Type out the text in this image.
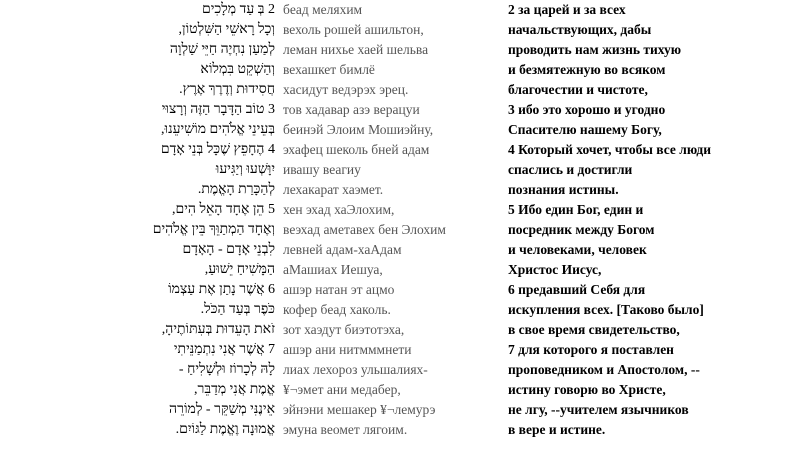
2 בְּ עַד מְלָכִים бeaд мeляхим	2 за царей и за всех
וְכָל רָאשֵׁי הַשִּׁלְטוֹן, вехоль рошей ашильтон,	начальствующих, дабы
לְמַעַן נִחְיֶה חַיֵּי שַׁלְוָה леман нихье хаей шельва	проводить нам жизнь тихую
וְהַשְׁקֵט בִּמְלוֹא вехашкет бимлё	и безмятежную во всяком
חֲסִידוּת וְדֶרֶךְ אֶרֶץ. хасидут ведэрэх эрец.	благочестии и чистоте,
3 טוֹב הַדָּבָר הַזֶּה וְרָצוּי тов хадавар азэ верацуи	3 ибо это хорошо и угодно
בְּעֵינֵי אֱלֹהִים מוֹשִׁיעֵנוּ, бeинэй Элоим Мошиэйну,	Спасителю нашему Богу,
4 הֶחָפֵץ שֶׁכָּל בְּנֵי אָדָם эхафец шеколь бней адам	4 Который хочет, чтобы все люди
יִוָּשְׁעוּ וְיַגִּיעוּ ивашу веагиу	спаслись и достигли
לְהַכָּרַת הָאֱמֶת. лехакарат хаэмет.	познания истины.
5 הֵן אֶחָד הָאֵל הִים, хен эхад хаЭлохим,	5 Ибо един Бог, един и
וְאֶחָד הַמְתַוֵּךְ בֵּין אֱלֹהִים вeэхад аметавех бен Элохим	посредник между Богом
לִבְנֵי אָדָם - הָאָדָם левней адам-хаАдам	и человеками, человек
הַמָּשִׁיחַ יֵשׁוּעַ, аМашиах Иешуа,	Христос Иисус,
6 אֲשֶׁר נָתַן אֶת עַצְמוֹ ашэр натан эт ацмо	6 предавший Себя для
כֹּפֶר בְּעַד הַכֹּל. кофер бeaд хаколь.	искупления всех. [Таково было]
זֹאת הָעֵדוּת בְּעִתּוֹתֶיהָ, зот хаэдут биэтотэха,	в свое время свидетельство,
7 אֲשֶׁר אֲנִי נִתְמַנֵּיתִי ашэр ани нитмммнети	7 для которого я поставлен
לָהּ לְכָרוֹז וּלְשָׁלִיחַ - лиах лехороз ульшалиях-	проповедником и Апостолом, --
אֱמֶת אֲנִי מְדַבֵּר, ¥¬эмет ани медабер,	истину говорю во Христе,
אֵינֶנִּי מְשַׁקֵּר - לְמוֹרֵה эйнэни мешакер ¥¬лемурэ	не лгу, --учителем язычников
אֱמוּנָה וֶאֱמֶת לַגּוֹיִם. эмуна веомет лягоим.	в вере и истине.
